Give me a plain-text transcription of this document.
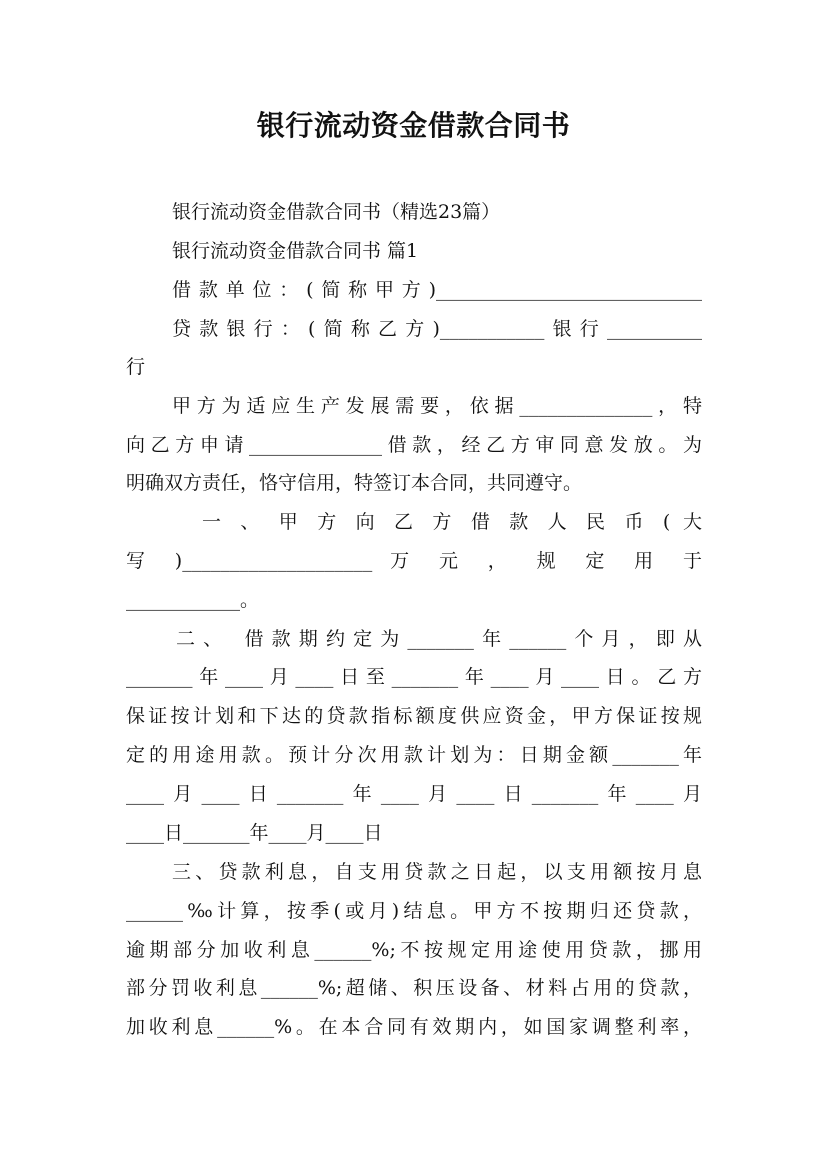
银行流动资金借款合同书
银行流动资金借款合同书（精选23篇）
银行流动资金借款合同书 篇1
借款单位：(简称甲方)____________________________
贷款银行：(简称乙方)___________银行__________
行
甲方为适应生产发展需要，依据______________，特
向乙方申请______________借款，经乙方审同意发放。为
明确双方责任，恪守信用，特签订本合同，共同遵守。
一 、 甲 方 向 乙 方 借 款 人 民 币 ( 大
写 )____________________ 万 元 ， 规 定 用 于
____________。
二、 借款期约定为_______年______个月，即从
_______年____月____日至_______年____月____日。乙方
保证按计划和下达的贷款指标额度供应资金，甲方保证按规
定的用途用款。预计分次用款计划为：日期金额_______年
____月____日_______年____月____日_______年____月
____日_______年____月____日
三、贷款利息，自支用贷款之日起，以支用额按月息
______‰计算，按季(或月)结息。甲方不按期归还贷款，
逾期部分加收利息______%;不按规定用途使用贷款，挪用
部分罚收利息______%;超储、积压设备、材料占用的贷款，
加收利息______%。在本合同有效期内，如国家调整利率，
